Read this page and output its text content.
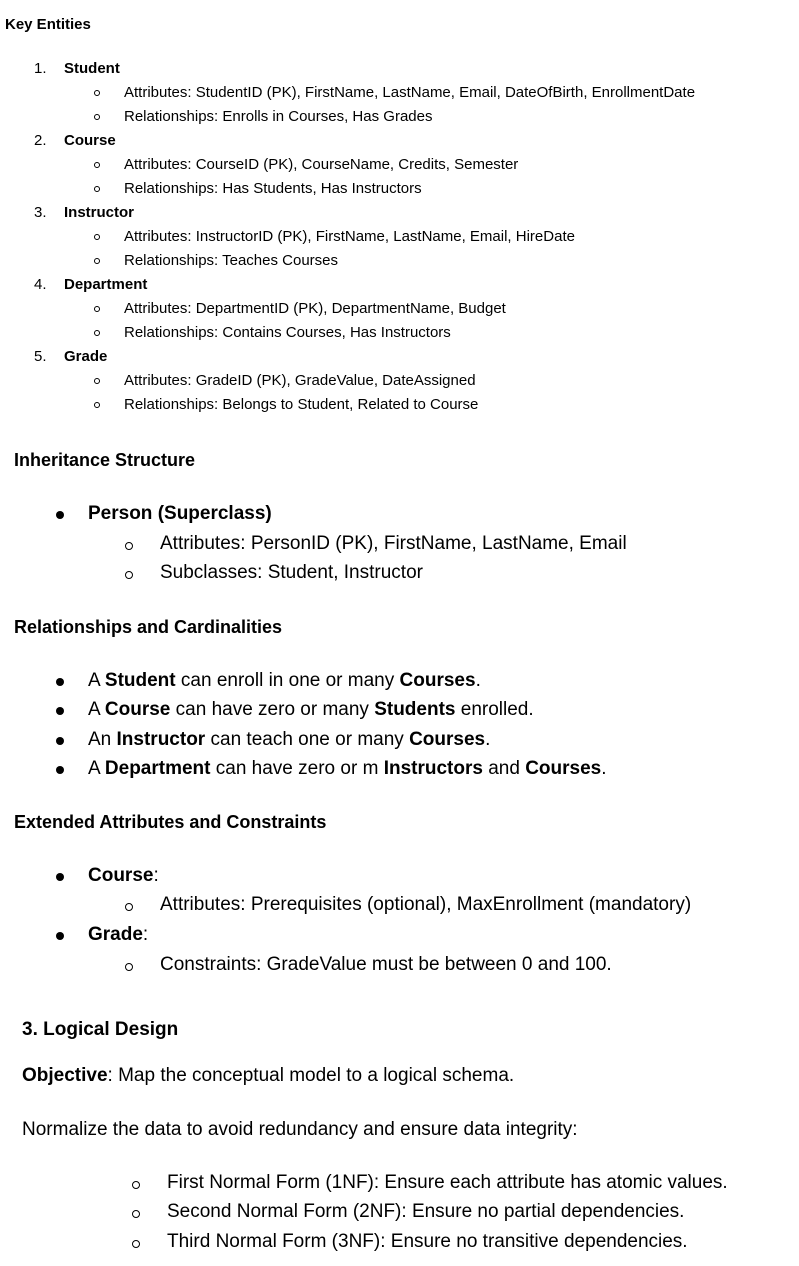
Key Entities
1. Student
Attributes: StudentID (PK), FirstName, LastName, Email, DateOfBirth, EnrollmentDate
Relationships: Enrolls in Courses, Has Grades
2. Course
Attributes: CourseID (PK), CourseName, Credits, Semester
Relationships: Has Students, Has Instructors
3. Instructor
Attributes: InstructorID (PK), FirstName, LastName, Email, HireDate
Relationships: Teaches Courses
4. Department
Attributes: DepartmentID (PK), DepartmentName, Budget
Relationships: Contains Courses, Has Instructors
5. Grade
Attributes: GradeID (PK), GradeValue, DateAssigned
Relationships: Belongs to Student, Related to Course
Inheritance Structure
Person (Superclass)
Attributes: PersonID (PK), FirstName, LastName, Email
Subclasses: Student, Instructor
Relationships and Cardinalities
A Student can enroll in one or many Courses.
A Course can have zero or many Students enrolled.
An Instructor can teach one or many Courses.
A Department can have zero or m Instructors and Courses.
Extended Attributes and Constraints
Course:
Attributes: Prerequisites (optional), MaxEnrollment (mandatory)
Grade:
Constraints: GradeValue must be between 0 and 100.
3. Logical Design
Objective: Map the conceptual model to a logical schema.
Normalize the data to avoid redundancy and ensure data integrity:
First Normal Form (1NF): Ensure each attribute has atomic values.
Second Normal Form (2NF): Ensure no partial dependencies.
Third Normal Form (3NF): Ensure no transitive dependencies.
